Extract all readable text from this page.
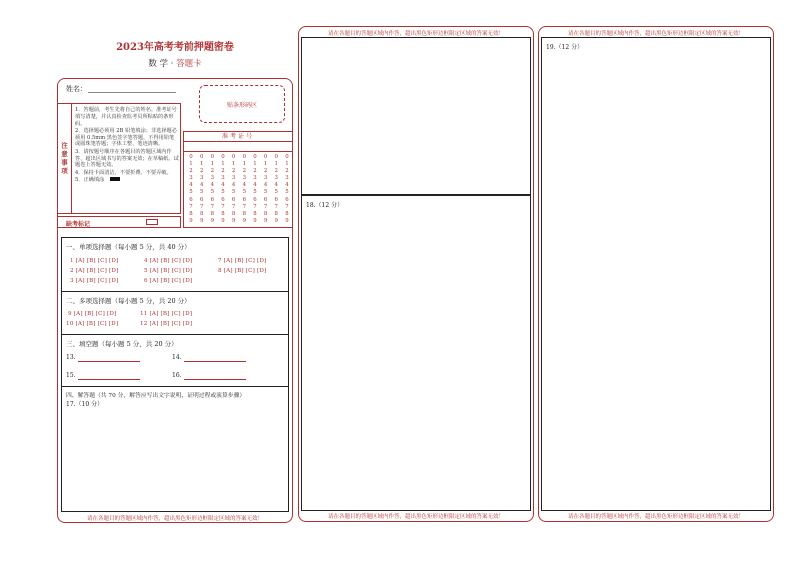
2023年高考考前押题密卷
数 学 · 答题卡
姓名：
贴条形码区
注意事项
1．答题前，考生先将自己的姓名、准考证号填写清楚，并认真检查监考员所粘贴的条形码。
2．选择题必须用 2B 铅笔填涂；非选择题必须用 0.5mm 黑色签字笔答题，不得用铅笔或圆珠笔答题；字体工整、笔迹清晰。
3．请按题号顺序在各题目的答题区域内作答，超出区域书写的答案无效；在草稿纸、试题卷上答题无效。
4．保持卡面清洁，不要折叠、不要弄破。
5．正确填涂
缺考标记
准考证号
0
1
2
3
4
5
6
7
8
9
0
1
2
3
4
5
6
7
8
9
0
1
2
3
4
5
6
7
8
9
0
1
2
3
4
5
6
7
8
9
0
1
2
3
4
5
6
7
8
9
0
1
2
3
4
5
6
7
8
9
0
1
2
3
4
5
6
7
8
9
0
1
2
3
4
5
6
7
8
9
0
1
2
3
4
5
6
7
8
9
0
1
2
3
4
5
6
7
8
9
一、单项选择题（每小题 5 分，共 40 分）
1 [A] [B] [C] [D]
2 [A] [B] [C] [D]
3 [A] [B] [C] [D]
4 [A] [B] [C] [D]
5 [A] [B] [C] [D]
6 [A] [B] [C] [D]
7 [A] [B] [C] [D]
8 [A] [B] [C] [D]
二、多项选择题（每小题 5 分，共 20 分）
9 [A] [B] [C] [D]
10 [A] [B] [C] [D]
11 [A] [B] [C] [D]
12 [A] [B] [C] [D]
三、填空题（每小题 5 分，共 20 分）
13.	14.
15.	16.
四、解答题（共 70 分，解答应写出文字说明、证明过程或演算步骤）
17.（10 分）
请在各题目的答题区域内作答，超出黑色矩形边框限定区域的答案无效！
请在各题目的答题区域内作答，超出黑色矩形边框限定区域的答案无效！
18.（12 分）
请在各题目的答题区域内作答，超出黑色矩形边框限定区域的答案无效！
请在各题目的答题区域内作答，超出黑色矩形边框限定区域的答案无效！
19.（12 分）
请在各题目的答题区域内作答，超出黑色矩形边框限定区域的答案无效！
